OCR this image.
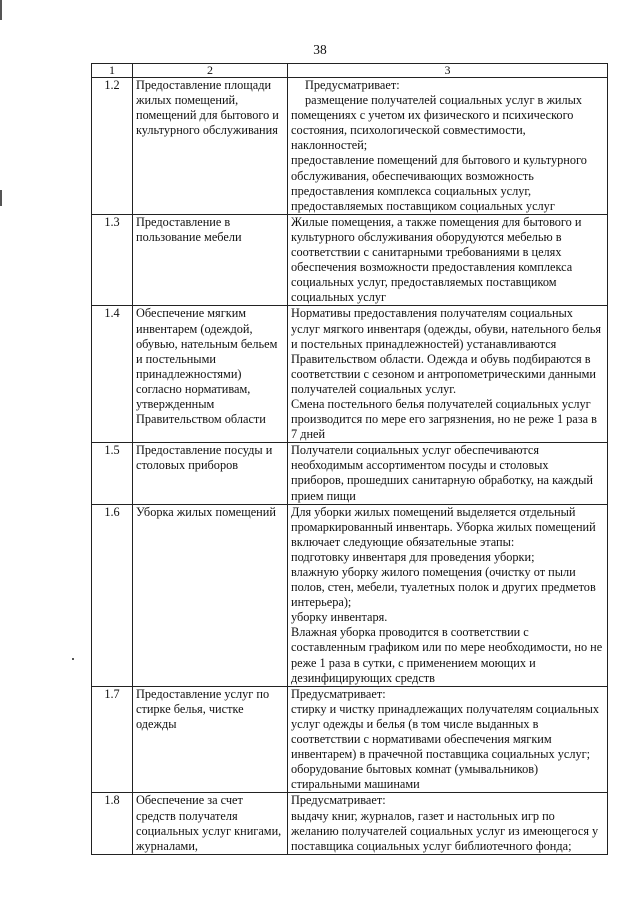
38
1	2	3
1.2	Предоставление площади жилых помещений, помещений для бытового и культурного обслуживания	Предусматривает:

размещение получателей социальных услуг в жилых помещениях с учетом их физического и психического состояния, психологической совместимости, наклонностей;

предоставление помещений для бытового и культурного обслуживания, обеспечивающих возможность предоставления комплекса социальных услуг, предоставляемых поставщиком социальных услуг

1.3	Предоставление в пользование мебели	Жилые помещения, а также помещения для бытового и культурного обслуживания оборудуются мебелью в соответствии с санитарными требованиями в целях обеспечения возможности предоставления комплекса социальных услуг, предоставляемых поставщиком социальных услуг

1.4	Обеспечение мягким инвентарем (одеждой, обувью, нательным бельем и постельными принадлежностями) согласно нормативам, утвержденным Правительством области	Нормативы предоставления получателям социальных услуг мягкого инвентаря (одежды, обуви, нательного белья и постельных принадлежностей) устанавливаются Правительством области. Одежда и обувь подбираются в соответствии с сезоном и антропометрическими данными получателей социальных услуг.

Смена постельного белья получателей социальных услуг производится по мере его загрязнения, но не реже 1 раза в 7 дней

1.5	Предоставление посуды и столовых приборов	Получатели социальных услуг обеспечиваются необходимым ассортиментом посуды и столовых приборов, прошедших санитарную обработку, на каждый прием пищи

1.6	Уборка жилых помещений	Для уборки жилых помещений выделяется отдельный промаркированный инвентарь. Уборка жилых помещений включает следующие обязательные этапы:

подготовку инвентаря для проведения уборки;

влажную уборку жилого помещения (очистку от пыли полов, стен, мебели, туалетных полок и других предметов интерьера);

уборку инвентаря.

Влажная уборка проводится в соответствии с составленным графиком или по мере необходимости, но не реже 1 раза в сутки, с применением моющих и дезинфицирующих средств

1.7	Предоставление услуг по стирке белья, чистке одежды	Предусматривает:

стирку и чистку принадлежащих получателям социальных услуг одежды и белья (в том числе выданных в соответствии с нормативами обеспечения мягким инвентарем) в прачечной поставщика социальных услуг;

оборудование бытовых комнат (умывальников) стиральными машинами

1.8	Обеспечение за счет средств получателя социальных услуг книгами, журналами,	Предусматривает:

выдачу книг, журналов, газет и настольных игр по желанию получателей социальных услуг из имеющегося у поставщика социальных услуг библиотечного фонда;
